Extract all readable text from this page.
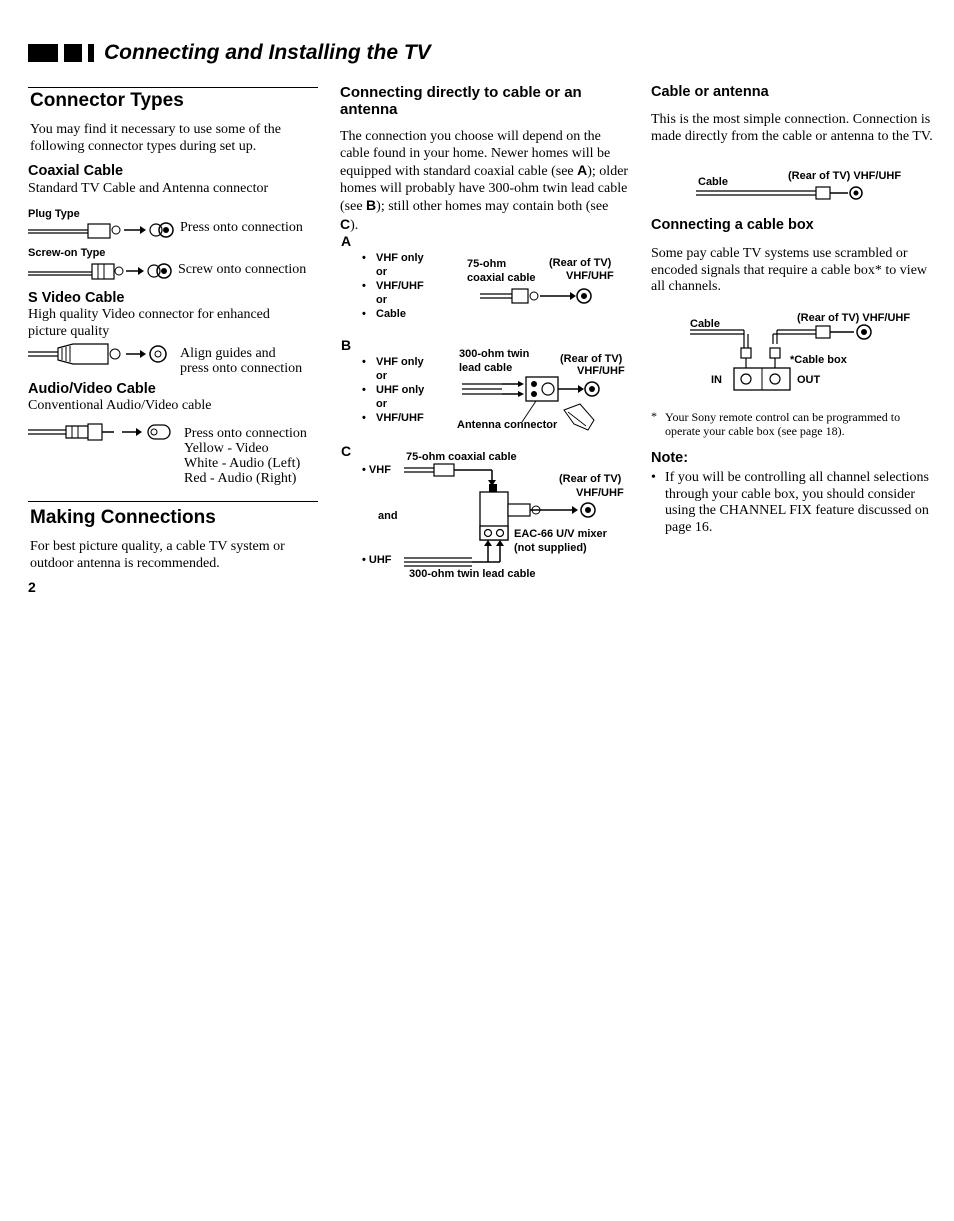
Connecting and Installing the TV
Connector Types
You may find it necessary to use some of the following connector types during set up.
Coaxial Cable
Standard TV Cable and Antenna connector
Plug Type
Press onto connection
Screw-on Type
Screw onto connection
S Video Cable
High quality Video connector for enhanced picture quality
Align guides and
press onto connection
Audio/Video Cable
Conventional Audio/Video cable
Press onto connection
Yellow - Video
White - Audio (Left)
Red - Audio (Right)
Making Connections
For best picture quality, a cable TV system or outdoor antenna is recommended.
2
Connecting directly to cable or an antenna
The connection you choose will depend on the cable found in your home. Newer homes will be equipped with standard coaxial cable (see A); older homes will probably have 300-ohm twin lead cable (see B); still other homes may contain both (see C).
A
• VHF only
or
• VHF/UHF
or
• Cable
75-ohm
coaxial cable
(Rear of TV)
VHF/UHF
B
• VHF only
or
• UHF only
or
• VHF/UHF
300-ohm twin
lead cable
(Rear of TV)
VHF/UHF
Antenna connector
C	75-ohm coaxial cable
• VHF
and
• UHF
(Rear of TV)
VHF/UHF
EAC-66 U/V mixer
(not supplied)
300-ohm twin lead cable
Cable or antenna
This is the most simple connection. Connection is made directly from the cable or antenna to the TV.
Cable	(Rear of TV) VHF/UHF
Connecting a cable box
Some pay cable TV systems use scrambled or encoded signals that require a cable box* to view all channels.
Cable	(Rear of TV) VHF/UHF
*Cable box
IN	OUT
* Your Sony remote control can be programmed to operate your cable box (see page 18).
Note:
• If you will be controlling all channel selections through your cable box, you should consider using the CHANNEL FIX feature discussed on page 16.
